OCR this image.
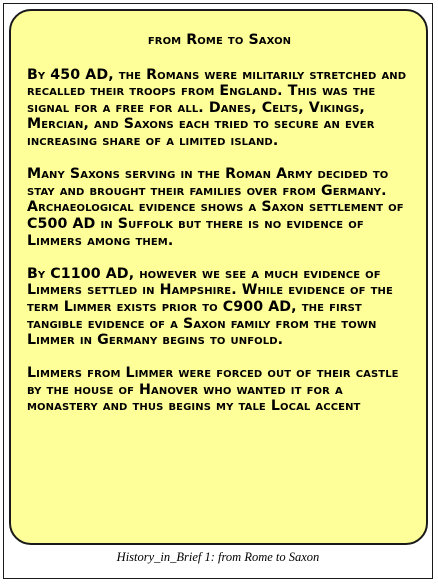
from Rome to Saxon
By 450 AD, the Romans were militarily stretched and recalled their troops from England. This was the signal for a free for all. Danes, Celts, Vikings, Mercian, and Saxons each tried to secure an ever increasing share of a limited island.
Many Saxons serving in the Roman Army decided to stay and brought their families over from Germany. Archaeological evidence shows a Saxon settlement of C500 AD in Suffolk but there is no evidence of Limmers among them.
By C1100 AD, however we see a much evidence of Limmers settled in Hampshire. While evidence of the term Limmer exists prior to C900 AD, the first tangible evidence of a Saxon family from the town Limmer in Germany begins to unfold.
Limmers from Limmer were forced out of their castle by the house of Hanover who wanted it for a monastery and thus begins my tale Local accent
History_in_Brief 1: from Rome to Saxon
